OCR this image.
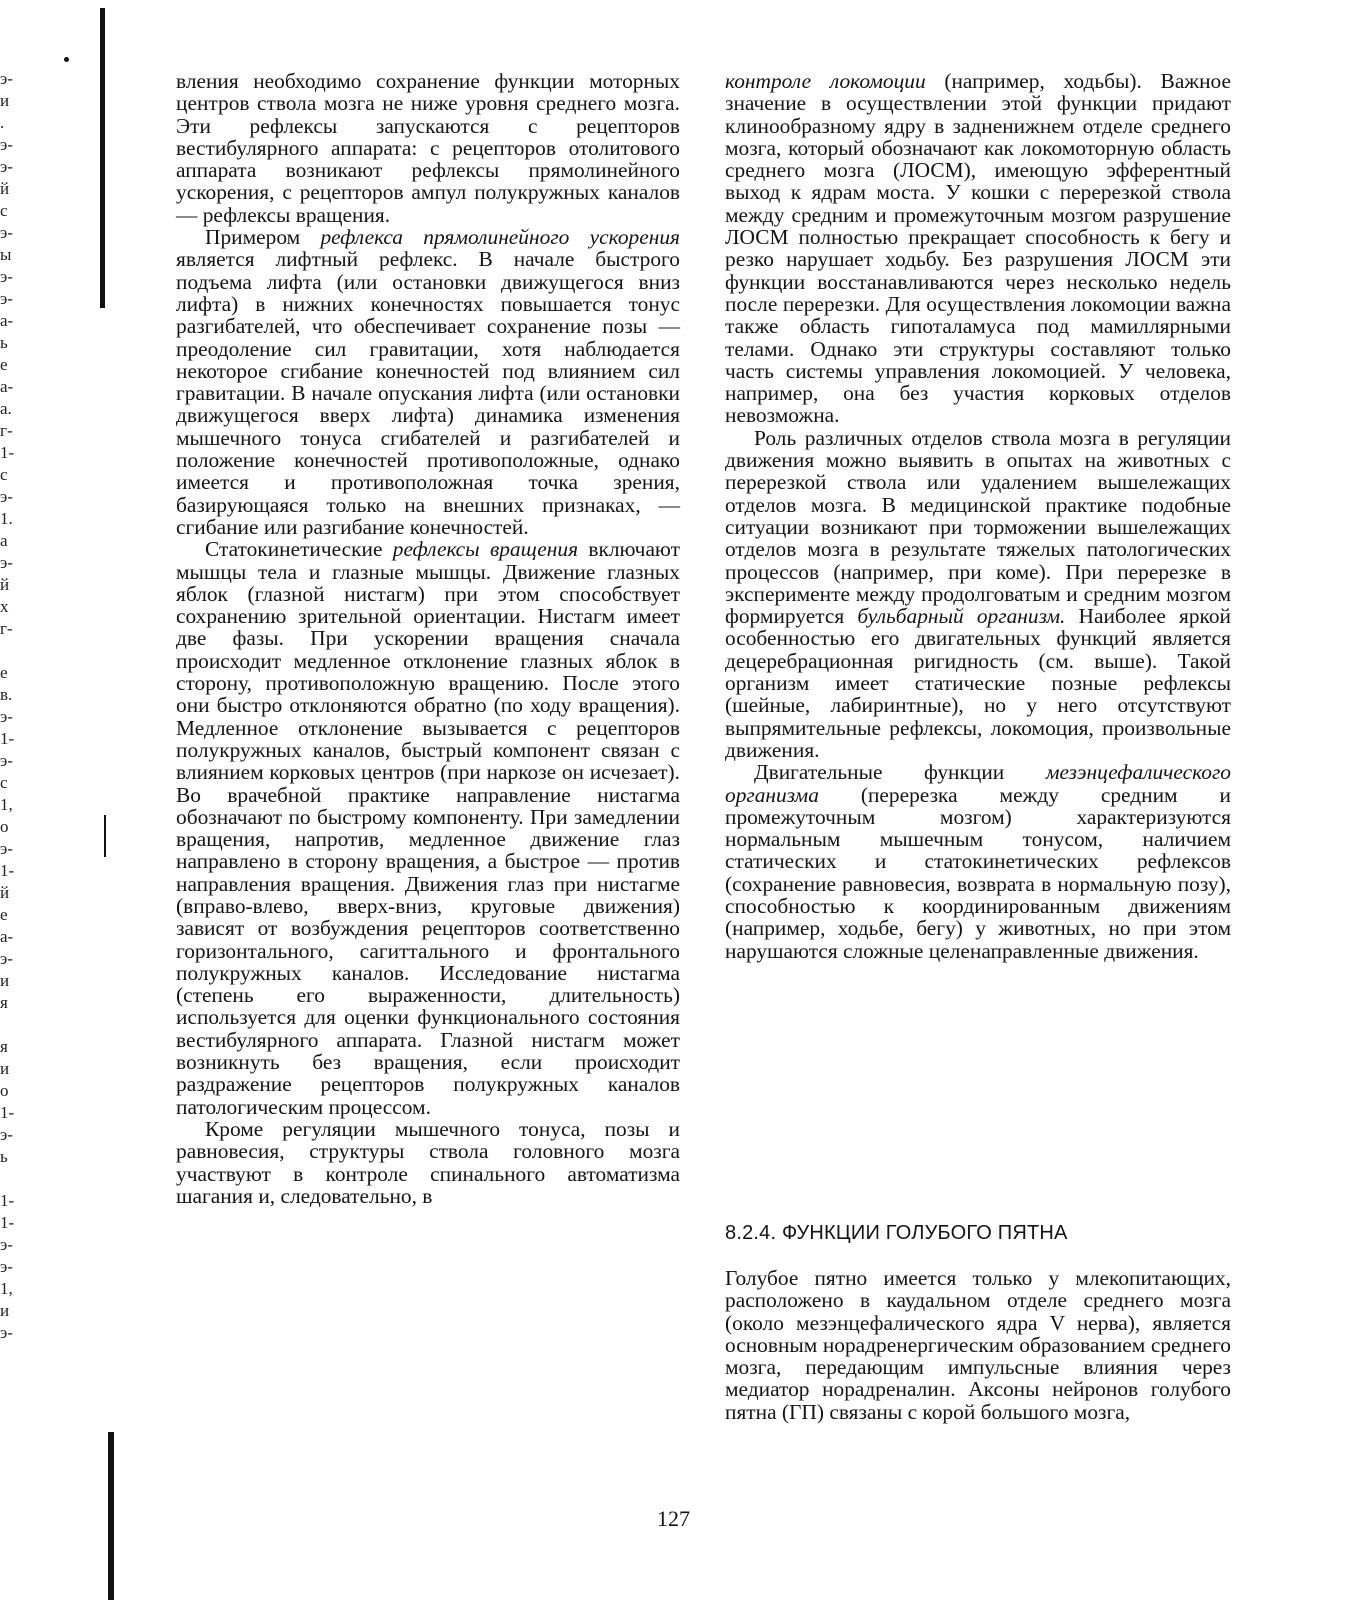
э-
и
.
э-
э-
й
с
э-
ы
э-
э-
а-
ь
е
а-
а.
г-
1-
с
э-
1.
а
э-
й
х
г-
е
в.
э-
1-
э-
с
1,
о
э-
1-
й
е
а-
э-
и
я
я
и
о
1-
э-
ь
1-
1-
э-
э-
1,
и
э-

вления необходимо сохранение функции моторных центров ствола мозга не ниже уровня среднего мозга. Эти рефлексы запускаются с рецепторов вестибулярного аппарата: с рецепторов отолитового аппарата возникают рефлексы прямолинейного ускорения, с рецепторов ампул полукружных каналов — рефлексы вращения.

Примером рефлекса прямолинейного ускорения является лифтный рефлекс. В начале быстрого подъема лифта (или остановки движущегося вниз лифта) в нижних конечностях повышается тонус разгибателей, что обеспечивает сохранение позы — преодоление сил гравитации, хотя наблюдается некоторое сгибание конечностей под влиянием сил гравитации. В начале опускания лифта (или остановки движущегося вверх лифта) динамика изменения мышечного тонуса сгибателей и разгибателей и положение конечностей противоположные, однако имеется и противоположная точка зрения, базирующаяся только на внешних признаках, — сгибание или разгибание конечностей.

Статокинетические рефлексы вращения включают мышцы тела и глазные мышцы. Движение глазных яблок (глазной нистагм) при этом способствует сохранению зрительной ориентации. Нистагм имеет две фазы. При ускорении вращения сначала происходит медленное отклонение глазных яблок в сторону, противоположную вращению. После этого они быстро отклоняются обратно (по ходу вращения). Медленное отклонение вызывается с рецепторов полукружных каналов, быстрый компонент связан с влиянием корковых центров (при наркозе он исчезает). Во врачебной практике направление нистагма обозначают по быстрому компоненту. При замедлении вращения, напротив, медленное движение глаз направлено в сторону вращения, а быстрое — против направления вращения. Движения глаз при нистагме (вправо-влево, вверх-вниз, круговые движения) зависят от возбуждения рецепторов соответственно горизонтального, сагиттального и фронтального полукружных каналов. Исследование нистагма (степень его выраженности, длительность) используется для оценки функционального состояния вестибулярного аппарата. Глазной нистагм может возникнуть без вращения, если происходит раздражение рецепторов полукружных каналов патологическим процессом.

Кроме регуляции мышечного тонуса, позы и равновесия, структуры ствола головного мозга участвуют в контроле спинального автоматизма шагания и, следовательно, в

контроле локомоции (например, ходьбы). Важное значение в осуществлении этой функции придают клинообразному ядру в задненижнем отделе среднего мозга, который обозначают как локомоторную область среднего мозга (ЛОСМ), имеющую эфферентный выход к ядрам моста. У кошки с перерезкой ствола между средним и промежуточным мозгом разрушение ЛОСМ полностью прекращает способность к бегу и резко нарушает ходьбу. Без разрушения ЛОСМ эти функции восстанавливаются через несколько недель после перерезки. Для осуществления локомоции важна также область гипоталамуса под мамиллярными телами. Однако эти структуры составляют только часть системы управления локомоцией. У человека, например, она без участия корковых отделов невозможна.

Роль различных отделов ствола мозга в регуляции движения можно выявить в опытах на животных с перерезкой ствола или удалением вышележащих отделов мозга. В медицинской практике подобные ситуации возникают при торможении вышележащих отделов мозга в результате тяжелых патологических процессов (например, при коме). При перерезке в эксперименте между продолговатым и средним мозгом формируется бульбарный организм. Наиболее яркой особенностью его двигательных функций является децеребрационная ригидность (см. выше). Такой организм имеет статические позные рефлексы (шейные, лабиринтные), но у него отсутствуют выпрямительные рефлексы, локомоция, произвольные движения.

Двигательные функции мезэнцефалического организма (перерезка между средним и промежуточным мозгом) характеризуются нормальным мышечным тонусом, наличием статических и статокинетических рефлексов (сохранение равновесия, возврата в нормальную позу), способностью к координированным движениям (например, ходьбе, бегу) у животных, но при этом нарушаются сложные целенаправленные движения.

8.2.4. ФУНКЦИИ ГОЛУБОГО ПЯТНА

Голубое пятно имеется только у млекопитающих, расположено в каудальном отделе среднего мозга (около мезэнцефалического ядра V нерва), является основным норадренергическим образованием среднего мозга, передающим импульсные влияния через медиатор норадреналин. Аксоны нейронов голубого пятна (ГП) связаны с корой большого мозга,

127
